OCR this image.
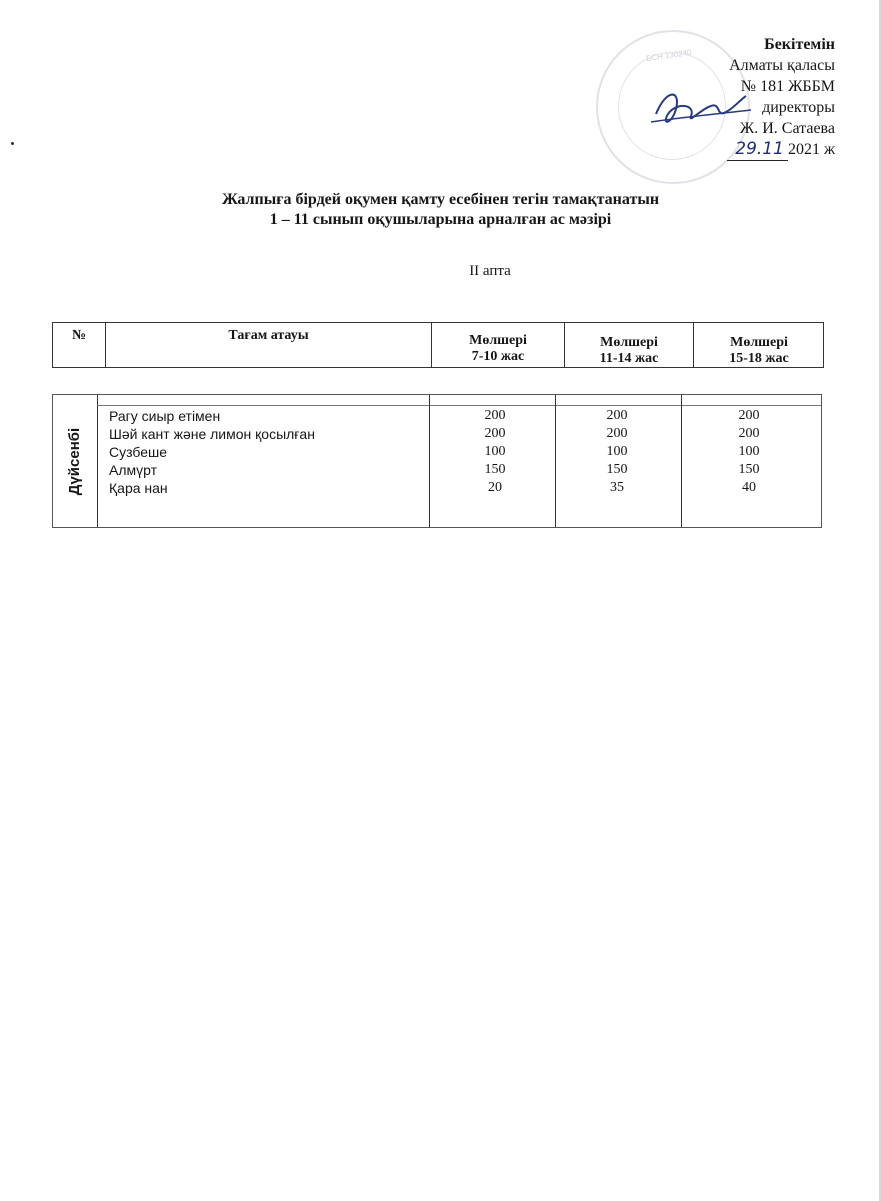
БСН 130240
Бекітемін
Алматы қаласы
№ 181 ЖББМ
директоры
Ж. И. Сатаева
29.11 2021 ж
Жалпыға бірдей оқумен қамту есебінен тегін тамақтанатын
1 – 11 сынып оқушыларына арналған ас мәзірі
II апта
№	Тағам атауы	Мөлшері
7-10 жас
Мөлшері
11-14 жас
Мөлшері
15-18 жас
Дүйсенбі
Рагу сиыр етімен
Шәй кант және лимон қосылған
Сузбеше
Алмүрт
Қара нан
200
200
100
150
20
200
200
100
150
35
200
200
100
150
40
